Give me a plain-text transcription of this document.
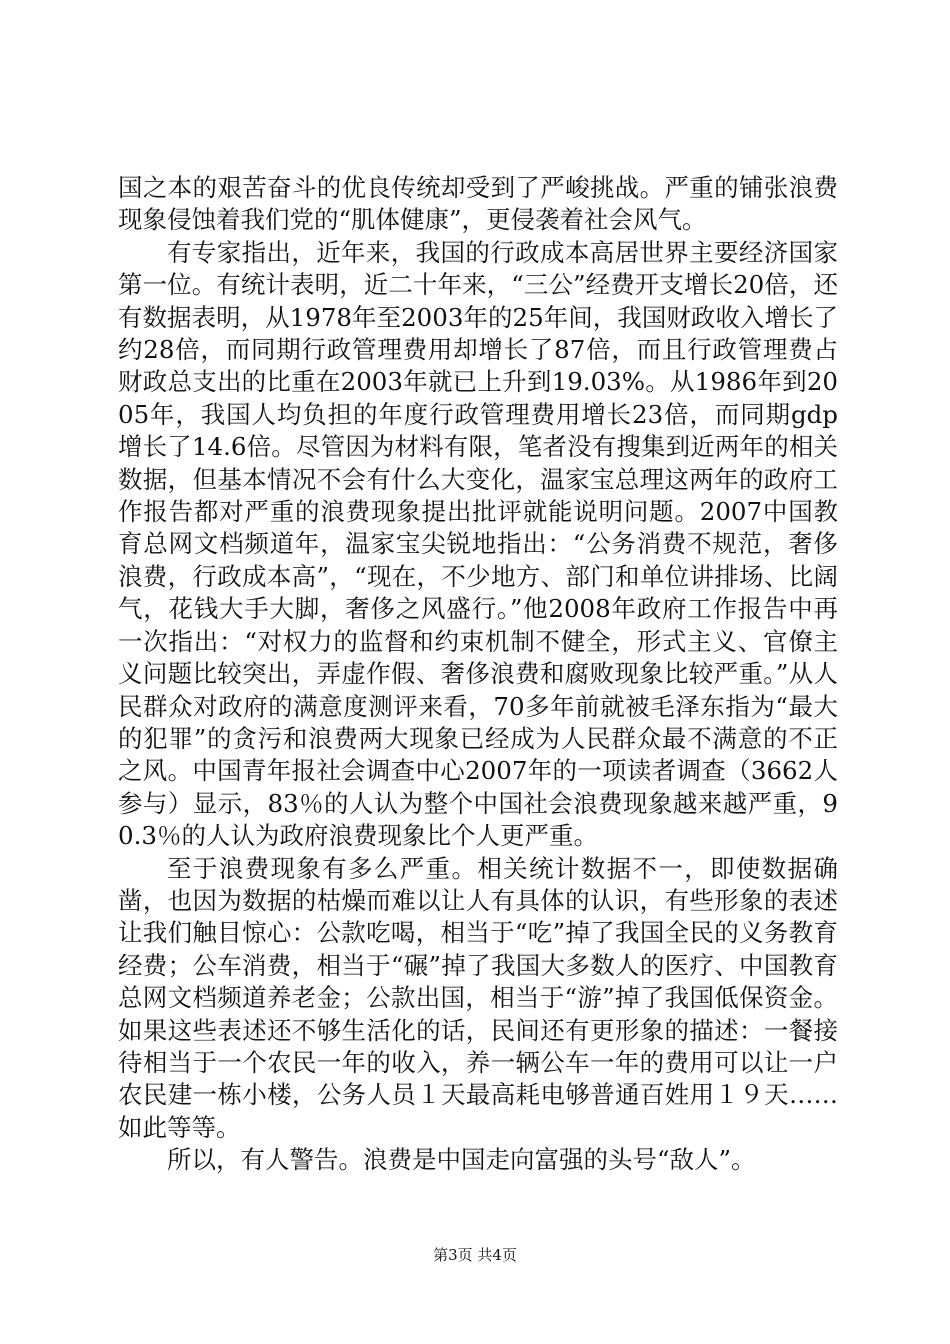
国之本的艰苦奋斗的优良传统却受到了严峻挑战。严重的铺张浪费现象侵蚀着我们党的“肌体健康”，更侵袭着社会风气。

有专家指出，近年来，我国的行政成本高居世界主要经济国家第一位。有统计表明，近二十年来，“三公”经费开支增长20倍，还有数据表明，从1978年至2003年的25年间，我国财政收入增长了约28倍，而同期行政管理费用却增长了87倍，而且行政管理费占财政总支出的比重在2003年就已上升到19.03%。从1986年到2005年，我国人均负担的年度行政管理费用增长23倍，而同期gdp增长了14.6倍。尽管因为材料有限，笔者没有搜集到近两年的相关数据，但基本情况不会有什么大变化，温家宝总理这两年的政府工作报告都对严重的浪费现象提出批评就能说明问题。2007中国教育总网文档频道年，温家宝尖锐地指出：“公务消费不规范，奢侈浪费，行政成本高”，“现在，不少地方、部门和单位讲排场、比阔气，花钱大手大脚，奢侈之风盛行。”他2008年政府工作报告中再一次指出：“对权力的监督和约束机制不健全，形式主义、官僚主义问题比较突出，弄虚作假、奢侈浪费和腐败现象比较严重。”从人民群众对政府的满意度测评来看，70多年前就被毛泽东指为“最大的犯罪”的贪污和浪费两大现象已经成为人民群众最不满意的不正之风。中国青年报社会调查中心2007年的一项读者调查（3662人参与）显示，83％的人认为整个中国社会浪费现象越来越严重，90.3％的人认为政府浪费现象比个人更严重。

至于浪费现象有多么严重。相关统计数据不一，即使数据确凿，也因为数据的枯燥而难以让人有具体的认识，有些形象的表述让我们触目惊心：公款吃喝，相当于“吃”掉了我国全民的义务教育经费；公车消费，相当于“碾”掉了我国大多数人的医疗、中国教育总网文档频道养老金；公款出国，相当于“游”掉了我国低保资金。如果这些表述还不够生活化的话，民间还有更形象的描述：一餐接待相当于一个农民一年的收入，养一辆公车一年的费用可以让一户农民建一栋小楼，公务人员１天最高耗电够普通百姓用１９天……如此等等。

所以，有人警告。浪费是中国走向富强的头号“敌人”。

第3页 共4页
